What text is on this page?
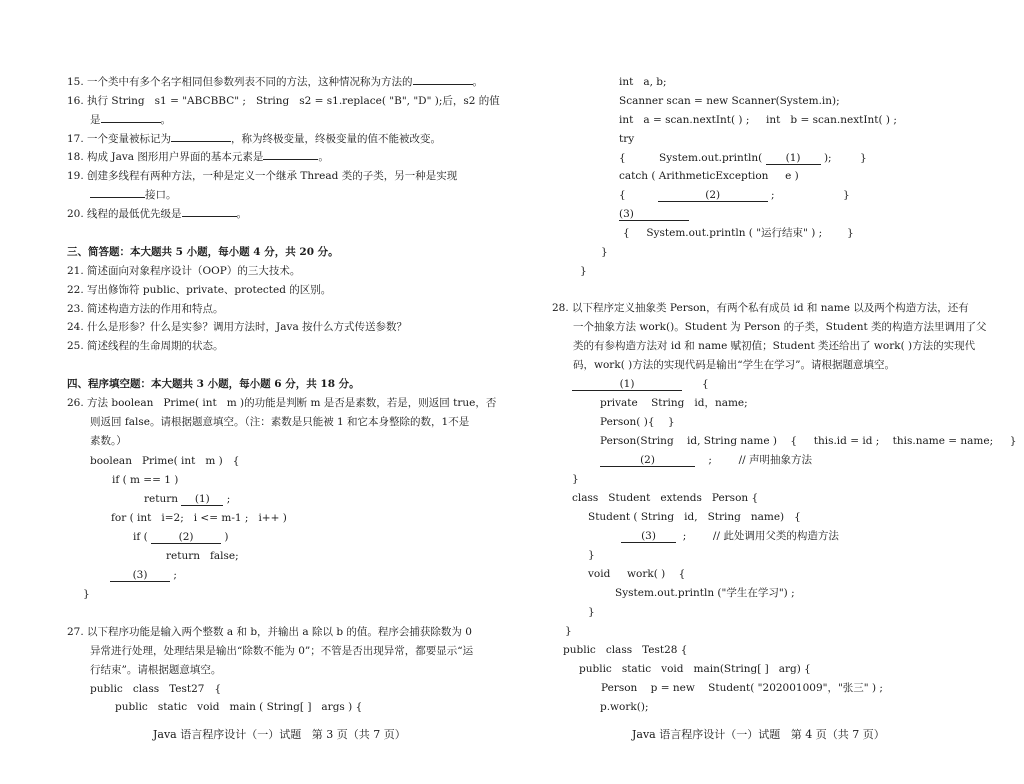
15. 一个类中有多个名字相同但参数列表不同的方法，这种情况称为方法的	。
16. 执行 String   s1 = "ABCBBC" ;   String   s2 = s1.replace( "B", "D" );后，s2 的值
是	。
17. 一个变量被标记为	，称为终极变量，终极变量的值不能被改变。
18. 构成 Java 图形用户界面的基本元素是	。
19. 创建多线程有两种方法，一种是定义一个继承 Thread 类的子类，另一种是实现
接口。
20. 线程的最低优先级是	。
三、简答题：本大题共 5 小题，每小题 4 分，共 20 分。
21. 简述面向对象程序设计（OOP）的三大技术。
22. 写出修饰符 public、private、protected 的区别。
23. 简述构造方法的作用和特点。
24. 什么是形参？什么是实参？调用方法时，Java 按什么方式传送参数？
25. 简述线程的生命周期的状态。
四、程序填空题：本大题共 3 小题，每小题 6 分，共 18 分。
26. 方法 boolean   Prime( int   m )的功能是判断 m 是否是素数，若是，则返回 true，否
则返回 false。请根据题意填空。（注：素数是只能被 1 和它本身整除的数，1不是
素数。）
boolean   Prime( int   m )   {
if ( m == 1 )
return (1) ;
for ( int   i=2;   i <= m-1 ;   i++ )
if (	(2)	)
return   false;
(3) ;
}
27. 以下程序功能是输入两个整数 a 和 b，并输出 a 除以 b 的值。程序会捕获除数为 0
异常进行处理，处理结果是输出“除数不能为 0”；不管是否出现异常，都要显示“运
行结束”。请根据题意填空。
public   class   Test27   {
public   static   void   main ( String[ ]   args ) {
Java 语言程序设计（一）试题   第 3 页（共 7 页）
int   a, b;
Scanner scan = new Scanner(System.in);
int   a = scan.nextInt( ) ;     int   b = scan.nextInt( ) ;
try
{          System.out.println( (1) );	}
catch ( ArithmeticException     e )
{	(2)	;	}
(3)
{     System.out.println ( "运行结束" ) ; }
}
}
28. 以下程序定义抽象类 Person，有两个私有成员 id 和 name 以及两个构造方法，还有
一个抽象方法 work()。Student 为 Person 的子类，Student 类的构造方法里调用了父
类的有参构造方法对 id 和 name 赋初值；Student 类还给出了 work( )方法的实现代
码，work( )方法的实现代码是输出“学生在学习”。请根据题意填空。
(1)	{
private    String   id，name;
Person( ){    }
Person(String    id, String name )    {     this.id = id ;    this.name = name;     }
(2)	;        // 声明抽象方法
}
class   Student   extends   Person {
Student ( String   id,   String   name)   {
(3)	;        // 此处调用父类的构造方法
}
void     work( )    {
System.out.println ("学生在学习") ;
}
}
public   class   Test28 {
public   static   void   main(String[ ]   arg) {
Person    p = new    Student( "202001009"，"张三" ) ;
p.work();
Java 语言程序设计（一）试题   第 4 页（共 7 页）
